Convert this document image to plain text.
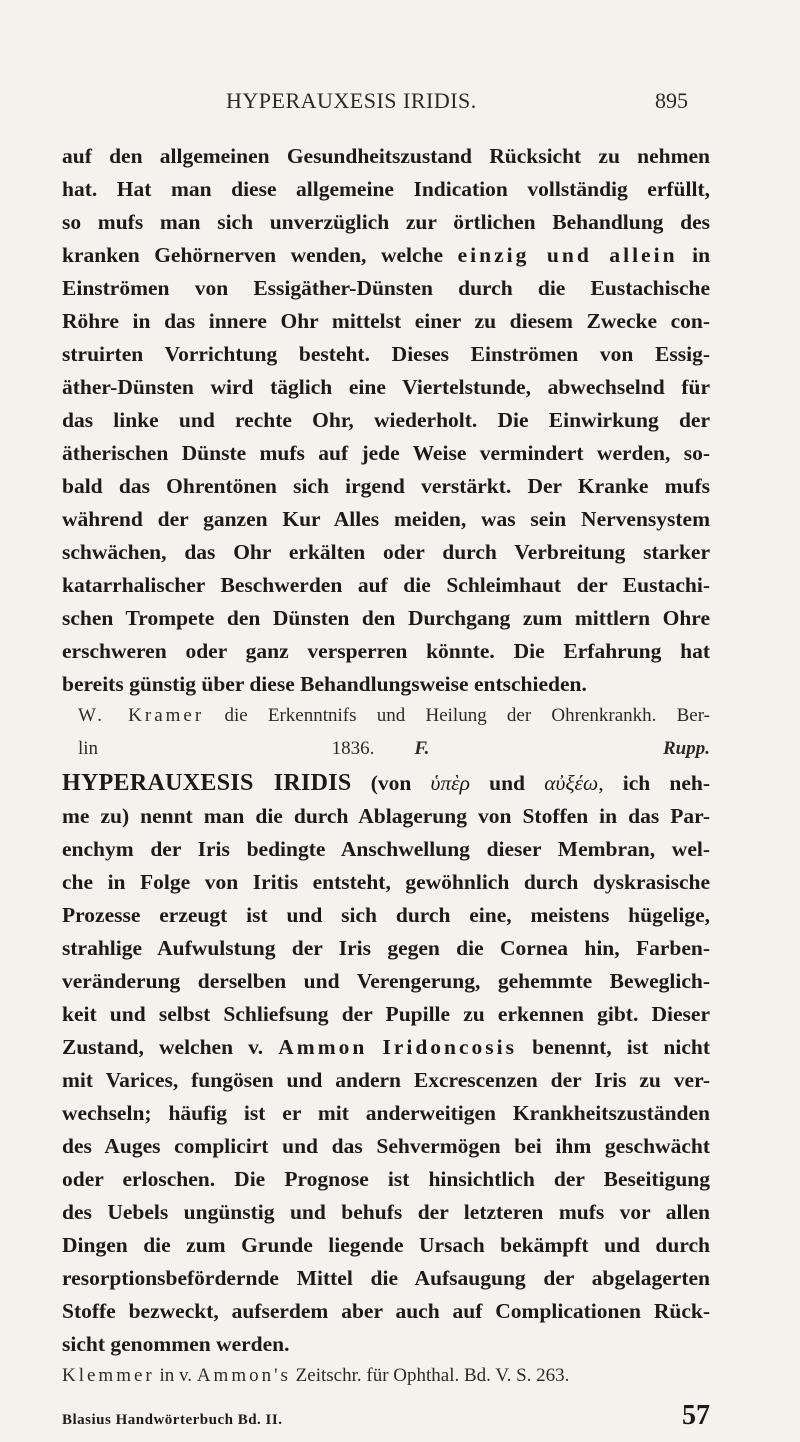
HYPERAUXESIS IRIDIS.	895
auf den allgemeinen Gesundheitszustand Rücksicht zu nehmen
hat. Hat man diese allgemeine Indication vollständig erfüllt,
so mufs man sich unverzüglich zur örtlichen Behandlung des
kranken Gehörnerven wenden, welche einzig und allein in
Einströmen von Essigäther-Dünsten durch die Eustachische
Röhre in das innere Ohr mittelst einer zu diesem Zwecke con-
struirten Vorrichtung besteht. Dieses Einströmen von Essig-
äther-Dünsten wird täglich eine Viertelstunde, abwechselnd für
das linke und rechte Ohr, wiederholt. Die Einwirkung der
ätherischen Dünste mufs auf jede Weise vermindert werden, so-
bald das Ohrentönen sich irgend verstärkt. Der Kranke mufs
während der ganzen Kur Alles meiden, was sein Nervensystem
schwächen, das Ohr erkälten oder durch Verbreitung starker
katarrhalischer Beschwerden auf die Schleimhaut der Eustachi-
schen Trompete den Dünsten den Durchgang zum mittlern Ohre
erschweren oder ganz versperren könnte. Die Erfahrung hat
bereits günstig über diese Behandlungsweise entschieden.
W. Kramer die Erkenntnifs und Heilung der Ohrenkrankh. Ber-
lin 1836. F. Rupp.
HYPERAUXESIS IRIDIS (von ὑπὲρ und αὐξέω, ich neh-
me zu) nennt man die durch Ablagerung von Stoffen in das Par-
enchym der Iris bedingte Anschwellung dieser Membran, wel-
che in Folge von Iritis entsteht, gewöhnlich durch dyskrasische
Prozesse erzeugt ist und sich durch eine, meistens hügelige,
strahlige Aufwulstung der Iris gegen die Cornea hin, Farben-
veränderung derselben und Verengerung, gehemmte Beweglich-
keit und selbst Schliefsung der Pupille zu erkennen gibt. Dieser
Zustand, welchen v. Ammon Iridoncosis benennt, ist nicht
mit Varices, fungösen und andern Excrescenzen der Iris zu ver-
wechseln; häufig ist er mit anderweitigen Krankheitszuständen
des Auges complicirt und das Sehvermögen bei ihm geschwächt
oder erloschen. Die Prognose ist hinsichtlich der Beseitigung
des Uebels ungünstig und behufs der letzteren mufs vor allen
Dingen die zum Grunde liegende Ursach bekämpft und durch
resorptionsbefördernde Mittel die Aufsaugung der abgelagerten
Stoffe bezweckt, aufserdem aber auch auf Complicationen Rück-
sicht genommen werden.
Klemmer in v. Ammon's Zeitschr. für Ophthal. Bd. V. S. 263.
Blasius Handwörterbuch Bd. II.	57
